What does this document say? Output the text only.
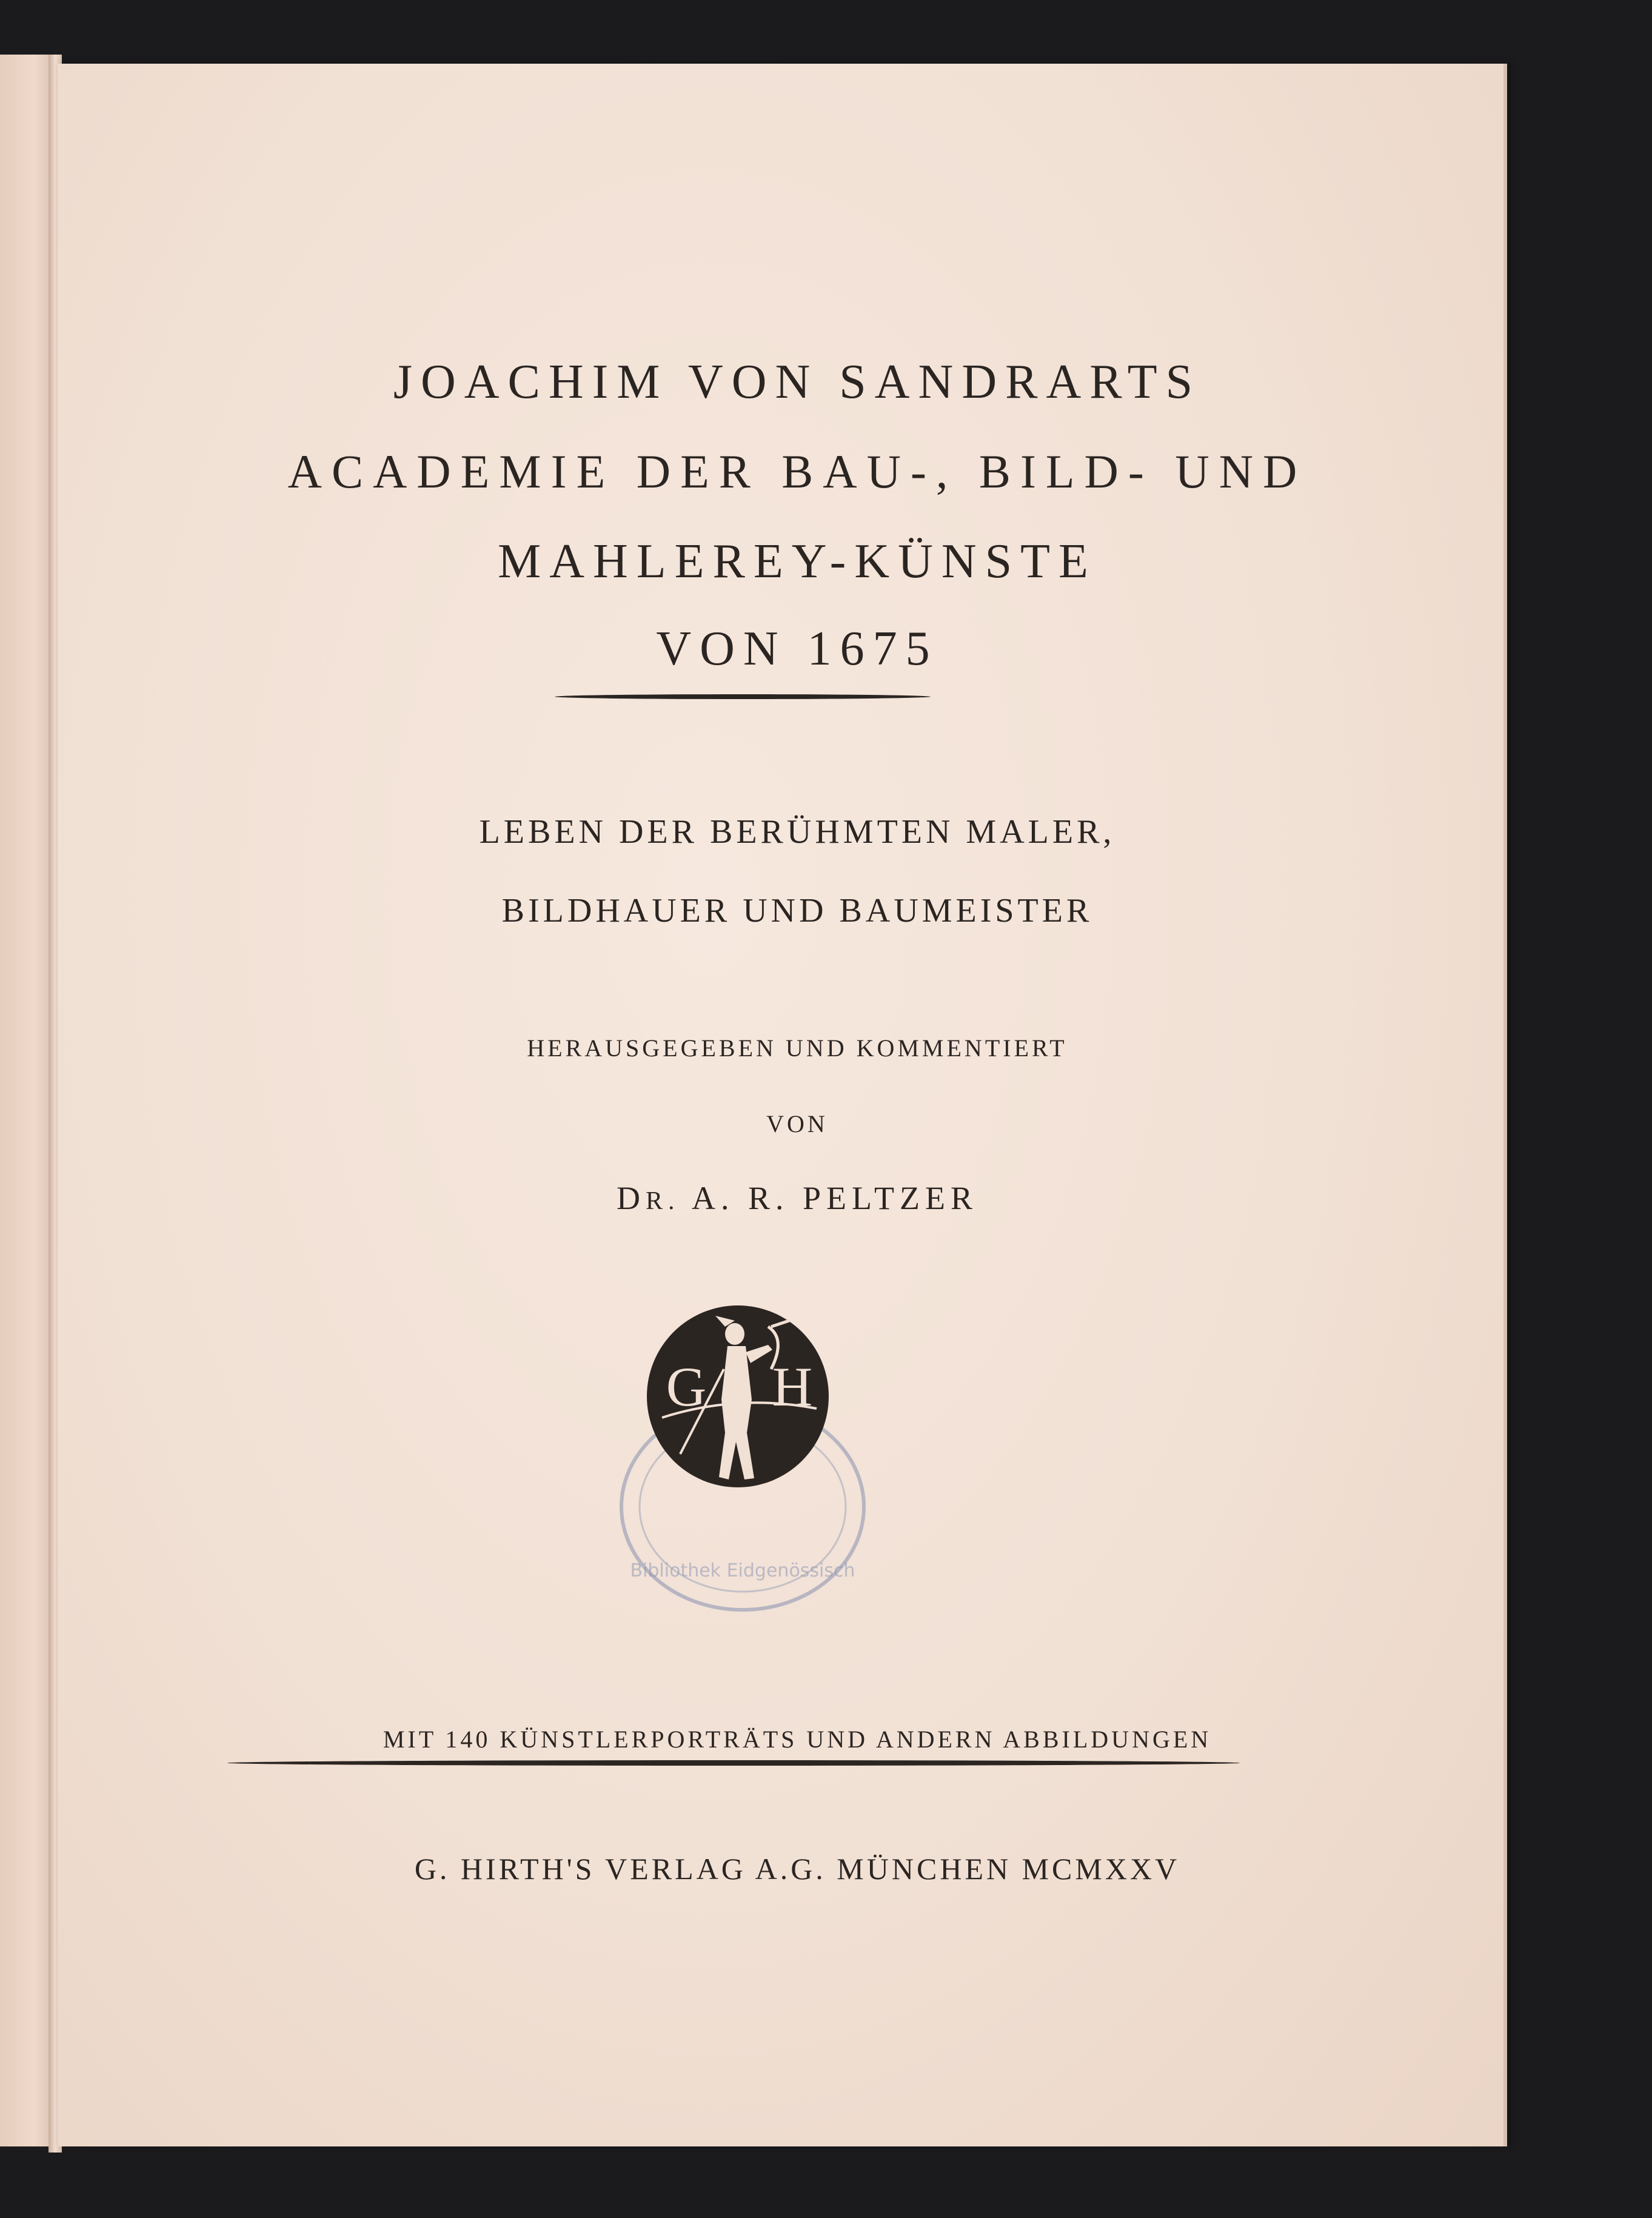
JOACHIM VON SANDRARTS
ACADEMIE DER BAU-, BILD- UND
MAHLEREY-KÜNSTE
VON 1675
LEBEN DER BERÜHMTEN MALER,
BILDHAUER UND BAUMEISTER
HERAUSGEGEBEN UND KOMMENTIERT
VON
DR. A. R. PELTZER
MIT 140 KÜNSTLERPORTRÄTS UND ANDERN ABBILDUNGEN
G. HIRTH'S VERLAG A.G. MÜNCHEN MCMXXV
Bibliothek Eidgenössisch
G H
